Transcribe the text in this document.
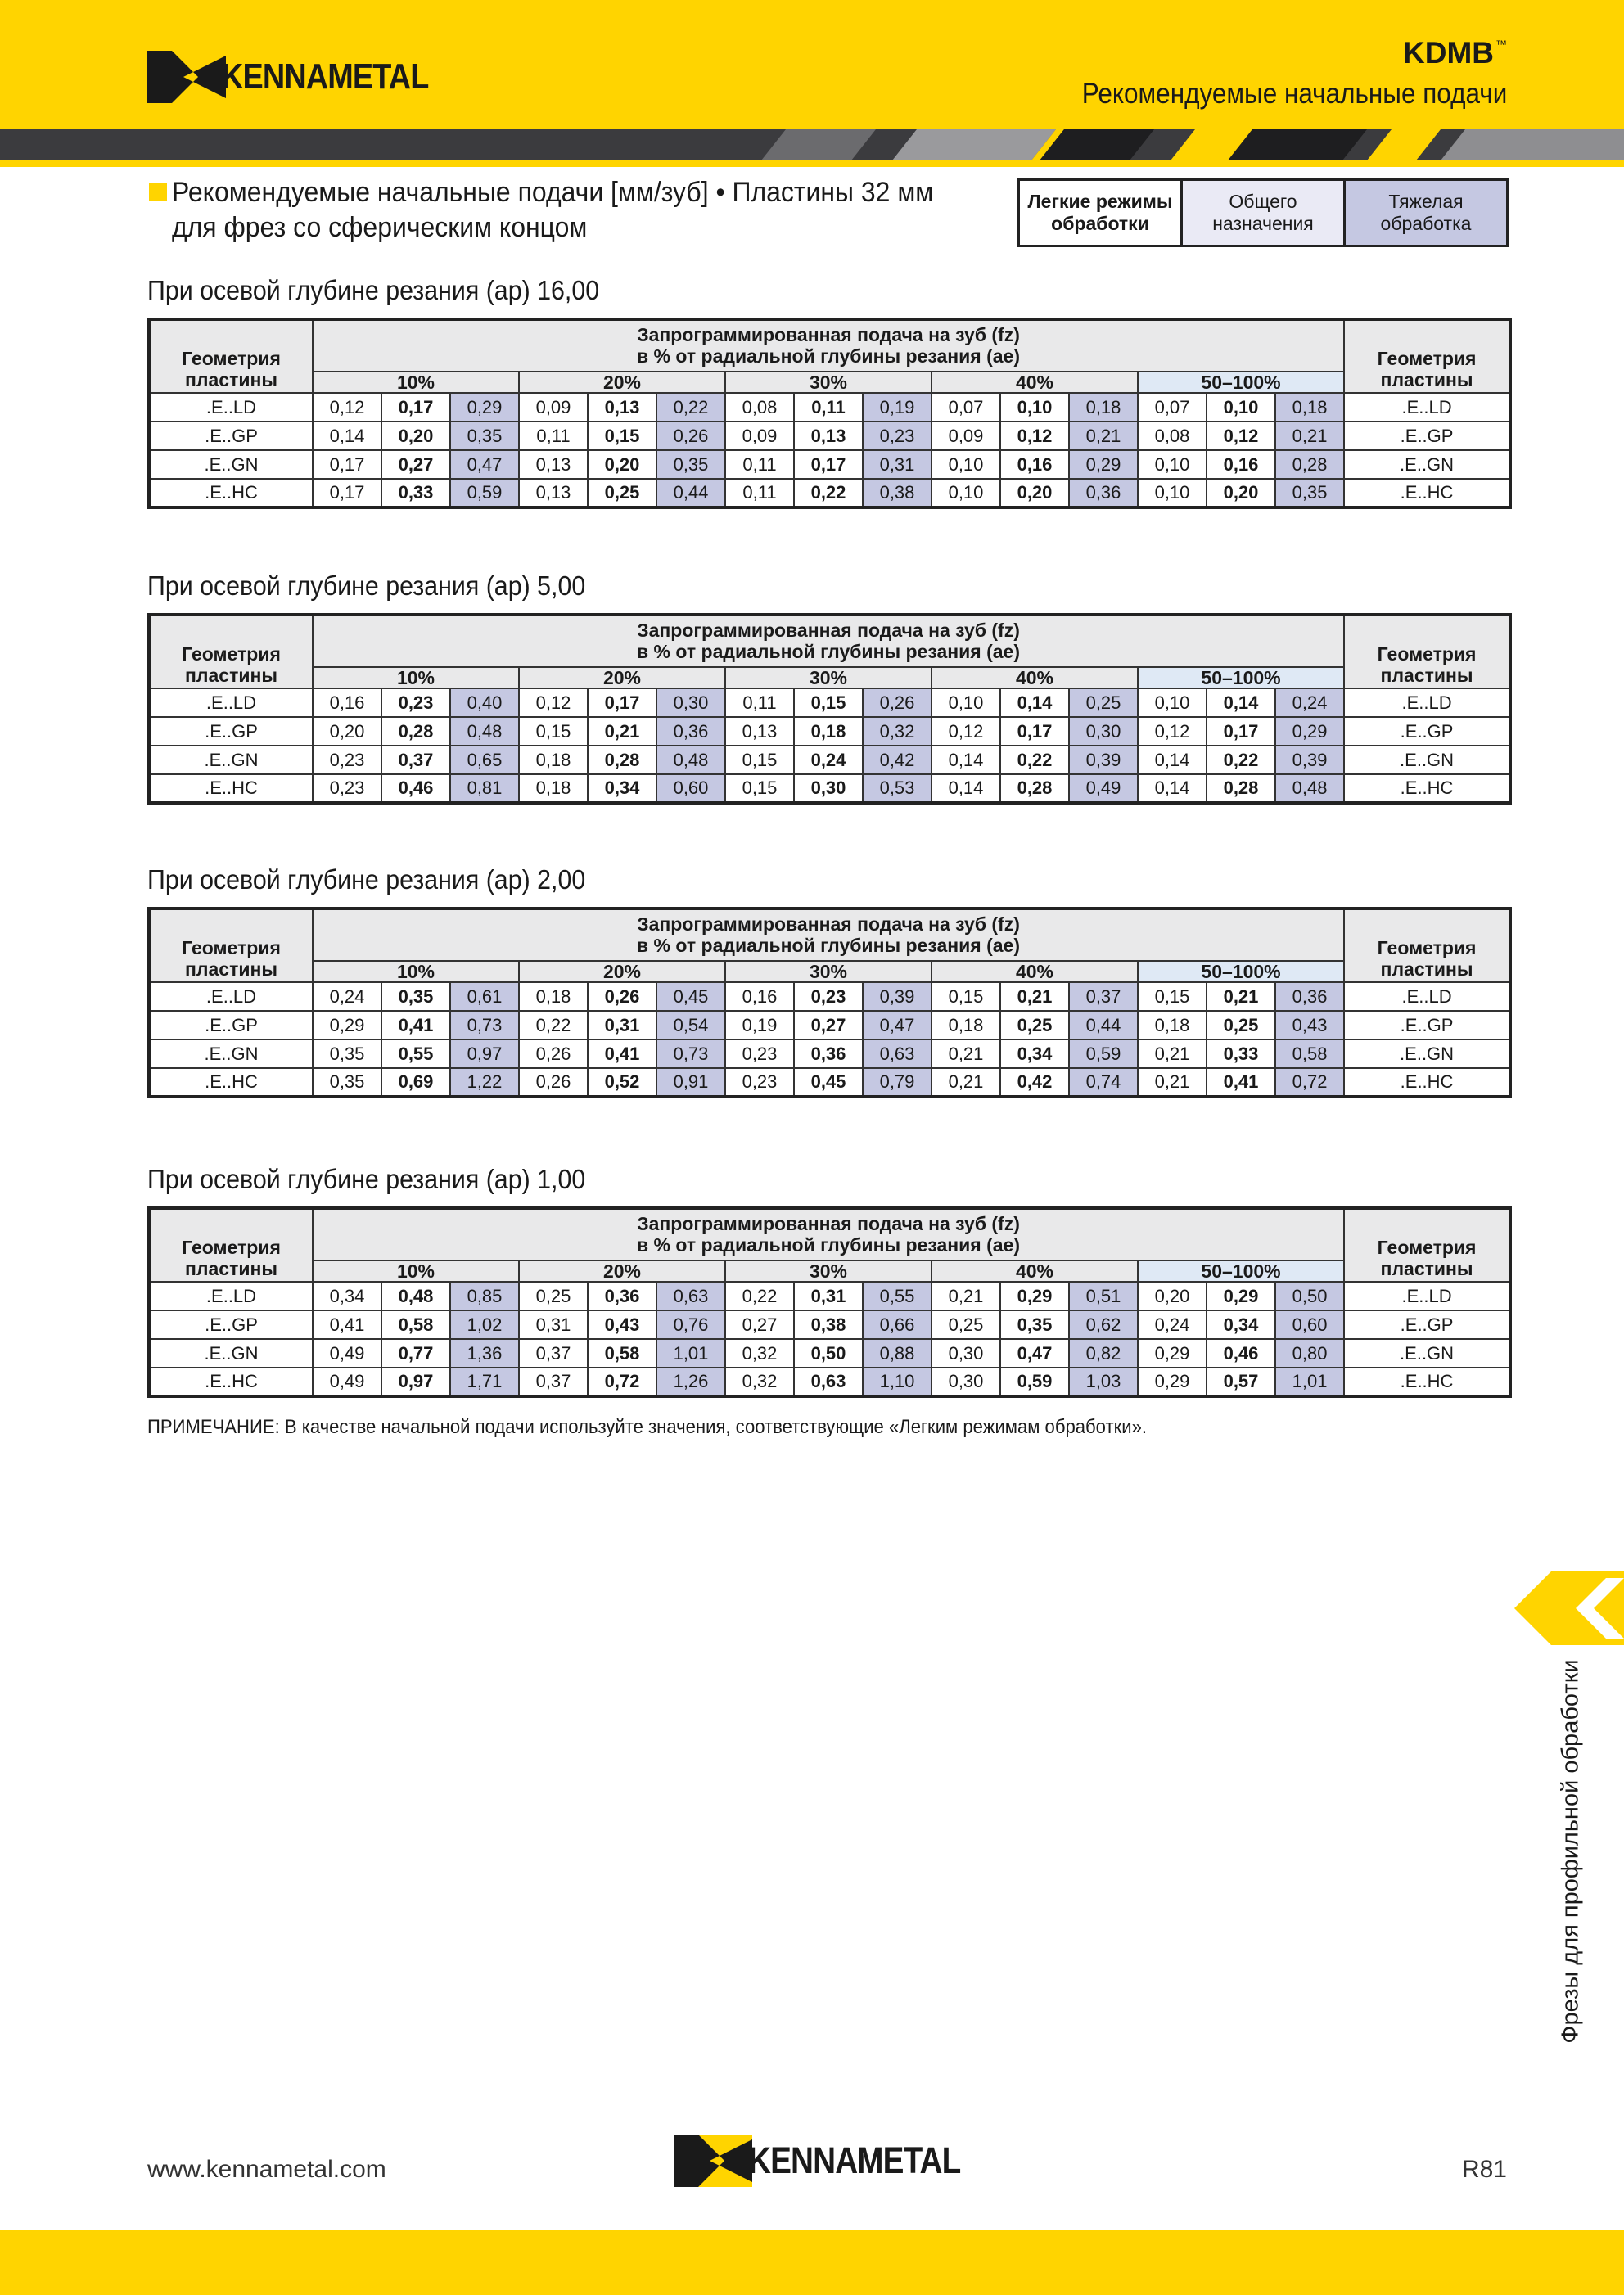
KENNAMETAL
KDMB ™
Рекомендуемые начальные подачи
Рекомендуемые начальные подачи [мм/зуб] • Пластины 32 мм
для фрез со сферическим концом
Легкие режимы
обработки
Общего
назначения
Тяжелая
обработка
При осевой глубине резания (ap) 16,00
Геометрия
пластины	Запрограммированная подача на зуб (fz)
в % от радиальной глубины резания (ae)															Геометрия
пластины
	10%			20%			30%			40%			50–100%			
.E..LD	0,12	0,17	0,29	0,09	0,13	0,22	0,08	0,11	0,19	0,07	0,10	0,18	0,07	0,10	0,18	.E..LD
.E..GP	0,14	0,20	0,35	0,11	0,15	0,26	0,09	0,13	0,23	0,09	0,12	0,21	0,08	0,12	0,21	.E..GP
.E..GN	0,17	0,27	0,47	0,13	0,20	0,35	0,11	0,17	0,31	0,10	0,16	0,29	0,10	0,16	0,28	.E..GN
.E..HC	0,17	0,33	0,59	0,13	0,25	0,44	0,11	0,22	0,38	0,10	0,20	0,36	0,10	0,20	0,35	.E..HC
При осевой глубине резания (ap) 5,00
Геометрия
пластины	Запрограммированная подача на зуб (fz)
в % от радиальной глубины резания (ae)															Геометрия
пластины
	10%			20%			30%			40%			50–100%			
.E..LD	0,16	0,23	0,40	0,12	0,17	0,30	0,11	0,15	0,26	0,10	0,14	0,25	0,10	0,14	0,24	.E..LD
.E..GP	0,20	0,28	0,48	0,15	0,21	0,36	0,13	0,18	0,32	0,12	0,17	0,30	0,12	0,17	0,29	.E..GP
.E..GN	0,23	0,37	0,65	0,18	0,28	0,48	0,15	0,24	0,42	0,14	0,22	0,39	0,14	0,22	0,39	.E..GN
.E..HC	0,23	0,46	0,81	0,18	0,34	0,60	0,15	0,30	0,53	0,14	0,28	0,49	0,14	0,28	0,48	.E..HC
При осевой глубине резания (ap) 2,00
Геометрия
пластины	Запрограммированная подача на зуб (fz)
в % от радиальной глубины резания (ae)															Геометрия
пластины
	10%			20%			30%			40%			50–100%			
.E..LD	0,24	0,35	0,61	0,18	0,26	0,45	0,16	0,23	0,39	0,15	0,21	0,37	0,15	0,21	0,36	.E..LD
.E..GP	0,29	0,41	0,73	0,22	0,31	0,54	0,19	0,27	0,47	0,18	0,25	0,44	0,18	0,25	0,43	.E..GP
.E..GN	0,35	0,55	0,97	0,26	0,41	0,73	0,23	0,36	0,63	0,21	0,34	0,59	0,21	0,33	0,58	.E..GN
.E..HC	0,35	0,69	1,22	0,26	0,52	0,91	0,23	0,45	0,79	0,21	0,42	0,74	0,21	0,41	0,72	.E..HC
При осевой глубине резания (ap) 1,00
Геометрия
пластины	Запрограммированная подача на зуб (fz)
в % от радиальной глубины резания (ae)															Геометрия
пластины
	10%			20%			30%			40%			50–100%			
.E..LD	0,34	0,48	0,85	0,25	0,36	0,63	0,22	0,31	0,55	0,21	0,29	0,51	0,20	0,29	0,50	.E..LD
.E..GP	0,41	0,58	1,02	0,31	0,43	0,76	0,27	0,38	0,66	0,25	0,35	0,62	0,24	0,34	0,60	.E..GP
.E..GN	0,49	0,77	1,36	0,37	0,58	1,01	0,32	0,50	0,88	0,30	0,47	0,82	0,29	0,46	0,80	.E..GN
.E..HC	0,49	0,97	1,71	0,37	0,72	1,26	0,32	0,63	1,10	0,30	0,59	1,03	0,29	0,57	1,01	.E..HC
ПРИМЕЧАНИЕ: В качестве начальной подачи используйте значения, соответствующие «Легким режимам обработки».
Фрезы для профильной обработки
www.kennametal.com	KENNAMETAL	R81
